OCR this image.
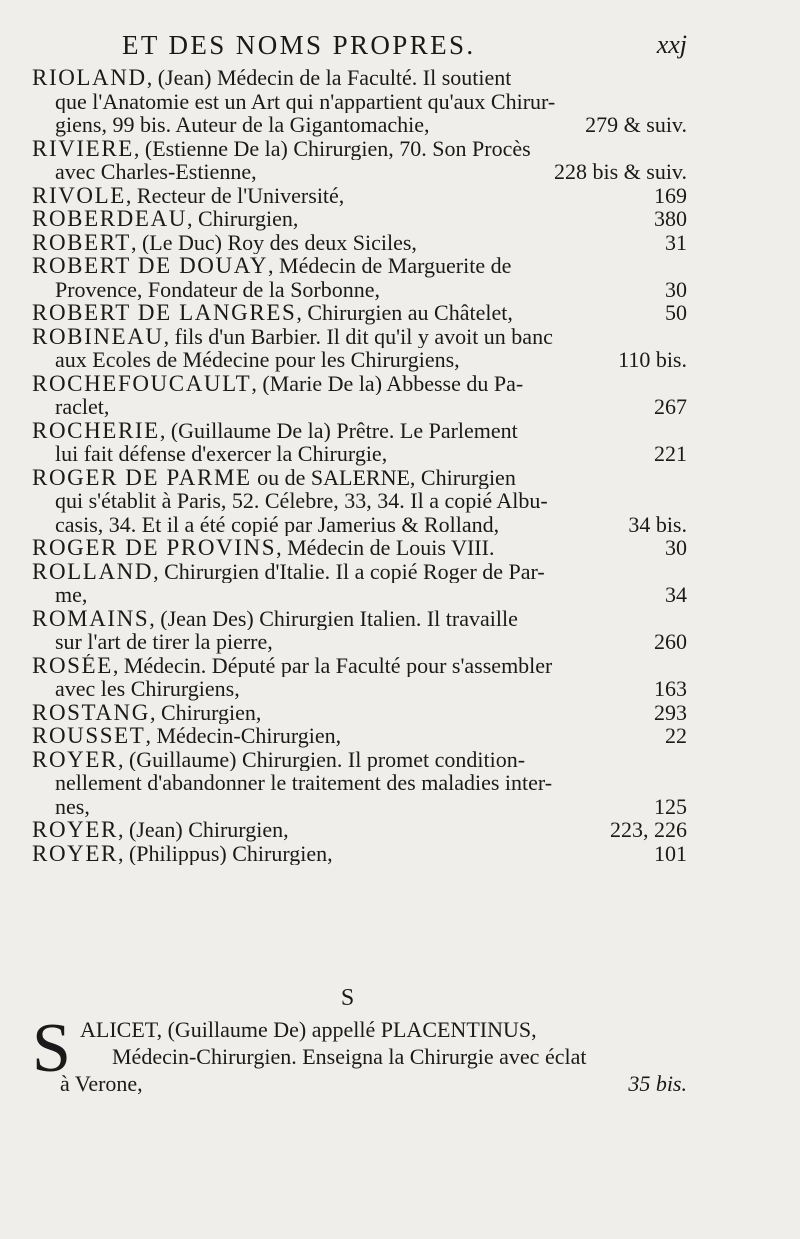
ET DES NOMS PROPRES.	xxj
RIOLAND, (Jean) Médecin de la Faculté. Il soutient
que l'Anatomie est un Art qui n'appartient qu'aux Chirur-
giens, 99 bis. Auteur de la Gigantomachie,	279 & suiv.
RIVIERE, (Estienne De la) Chirurgien, 70. Son Procès
avec Charles-Estienne,	228 bis & suiv.
RIVOLE, Recteur de l'Université,	169
ROBERDEAU, Chirurgien,	380
ROBERT, (Le Duc) Roy des deux Siciles,	31
ROBERT DE DOUAY, Médecin de Marguerite de
Provence, Fondateur de la Sorbonne,	30
ROBERT DE LANGRES, Chirurgien au Châtelet,	50
ROBINEAU, fils d'un Barbier. Il dit qu'il y avoit un banc
aux Ecoles de Médecine pour les Chirurgiens,	110 bis.
ROCHEFOUCAULT, (Marie De la) Abbesse du Pa-
raclet,	267
ROCHERIE, (Guillaume De la) Prêtre. Le Parlement
lui fait défense d'exercer la Chirurgie,	221
ROGER DE PARME ou de SALERNE, Chirurgien
qui s'établit à Paris, 52. Célebre, 33, 34. Il a copié Albu-
casis, 34. Et il a été copié par Jamerius & Rolland,	34 bis.
ROGER DE PROVINS, Médecin de Louis VIII.	30
ROLLAND, Chirurgien d'Italie. Il a copié Roger de Par-
me,	34
ROMAINS, (Jean Des) Chirurgien Italien. Il travaille
sur l'art de tirer la pierre,	260
ROSÉE, Médecin. Député par la Faculté pour s'assembler
avec les Chirurgiens,	163
ROSTANG, Chirurgien,	293
ROUSSET, Médecin-Chirurgien,	22
ROYER, (Guillaume) Chirurgien. Il promet condition-
nellement d'abandonner le traitement des maladies inter-
nes,	125
ROYER, (Jean) Chirurgien,	223, 226
ROYER, (Philippus) Chirurgien,	101
S
S ALICET, (Guillaume De) appellé PLACENTINUS,
Médecin-Chirurgien. Enseigna la Chirurgie avec éclat
à Verone,	35 bis.
